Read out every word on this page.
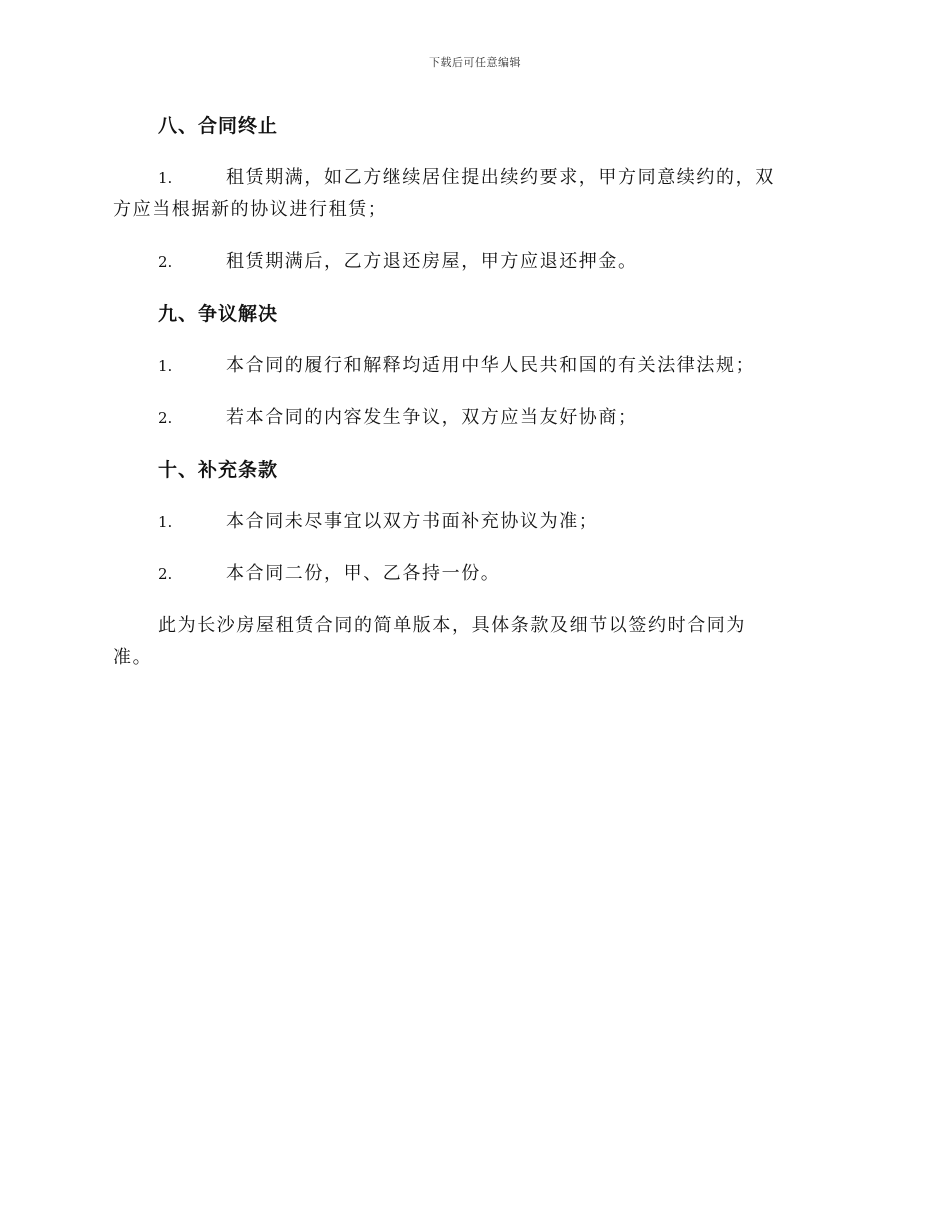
下载后可任意编辑
八、合同终止
1.	租赁期满，如乙方继续居住提出续约要求，甲方同意续约的，双
方应当根据新的协议进行租赁；
2.	租赁期满后，乙方退还房屋，甲方应退还押金。
九、争议解决
1.	本合同的履行和解释均适用中华人民共和国的有关法律法规；
2.	若本合同的内容发生争议，双方应当友好协商；
十、补充条款
1.	本合同未尽事宜以双方书面补充协议为准；
2.	本合同二份，甲、乙各持一份。
此为长沙房屋租赁合同的简单版本，具体条款及细节以签约时合同为
准。
